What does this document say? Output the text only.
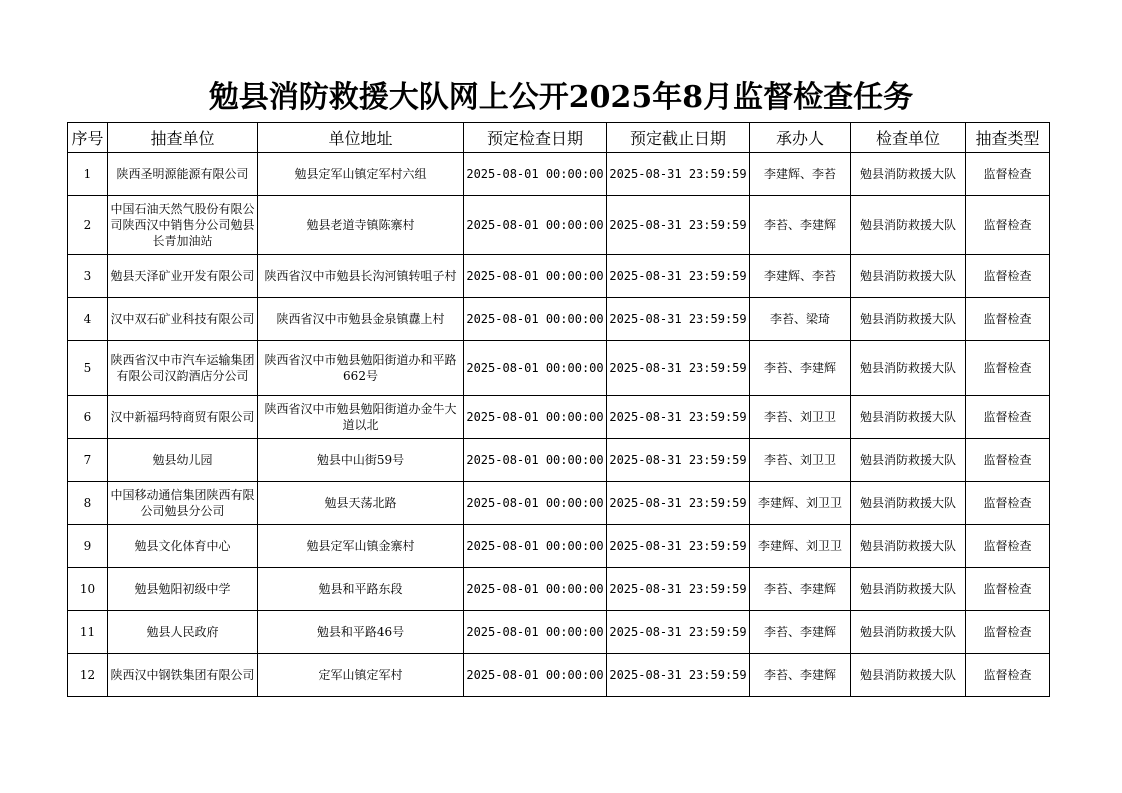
勉县消防救援大队网上公开2025年8月监督检查任务
序号	抽查单位	单位地址	预定检查日期	预定截止日期	承办人	检查单位	抽查类型
1	陕西圣明源能源有限公司	勉县定军山镇定军村六组	2025-08-01 00:00:00	2025-08-31 23:59:59	李建辉、李苔	勉县消防救援大队	监督检查
2	中国石油天然气股份有限公司陕西汉中销售分公司勉县长青加油站	勉县老道寺镇陈寨村	2025-08-01 00:00:00	2025-08-31 23:59:59	李苔、李建辉	勉县消防救援大队	监督检查
3	勉县天泽矿业开发有限公司	陕西省汉中市勉县长沟河镇转咀子村	2025-08-01 00:00:00	2025-08-31 23:59:59	李建辉、李苔	勉县消防救援大队	监督检查
4	汉中双石矿业科技有限公司	陕西省汉中市勉县金泉镇纛上村	2025-08-01 00:00:00	2025-08-31 23:59:59	李苔、梁琦	勉县消防救援大队	监督检查
5	陕西省汉中市汽车运输集团有限公司汉韵酒店分公司	陕西省汉中市勉县勉阳街道办和平路662号	2025-08-01 00:00:00	2025-08-31 23:59:59	李苔、李建辉	勉县消防救援大队	监督检查
6	汉中新福玛特商贸有限公司	陕西省汉中市勉县勉阳街道办金牛大道以北	2025-08-01 00:00:00	2025-08-31 23:59:59	李苔、刘卫卫	勉县消防救援大队	监督检查
7	勉县幼儿园	勉县中山街59号	2025-08-01 00:00:00	2025-08-31 23:59:59	李苔、刘卫卫	勉县消防救援大队	监督检查
8	中国移动通信集团陕西有限公司勉县分公司	勉县天荡北路	2025-08-01 00:00:00	2025-08-31 23:59:59	李建辉、刘卫卫	勉县消防救援大队	监督检查
9	勉县文化体育中心	勉县定军山镇金寨村	2025-08-01 00:00:00	2025-08-31 23:59:59	李建辉、刘卫卫	勉县消防救援大队	监督检查
10	勉县勉阳初级中学	勉县和平路东段	2025-08-01 00:00:00	2025-08-31 23:59:59	李苔、李建辉	勉县消防救援大队	监督检查
11	勉县人民政府	勉县和平路46号	2025-08-01 00:00:00	2025-08-31 23:59:59	李苔、李建辉	勉县消防救援大队	监督检查
12	陕西汉中钢铁集团有限公司	定军山镇定军村	2025-08-01 00:00:00	2025-08-31 23:59:59	李苔、李建辉	勉县消防救援大队	监督检查
